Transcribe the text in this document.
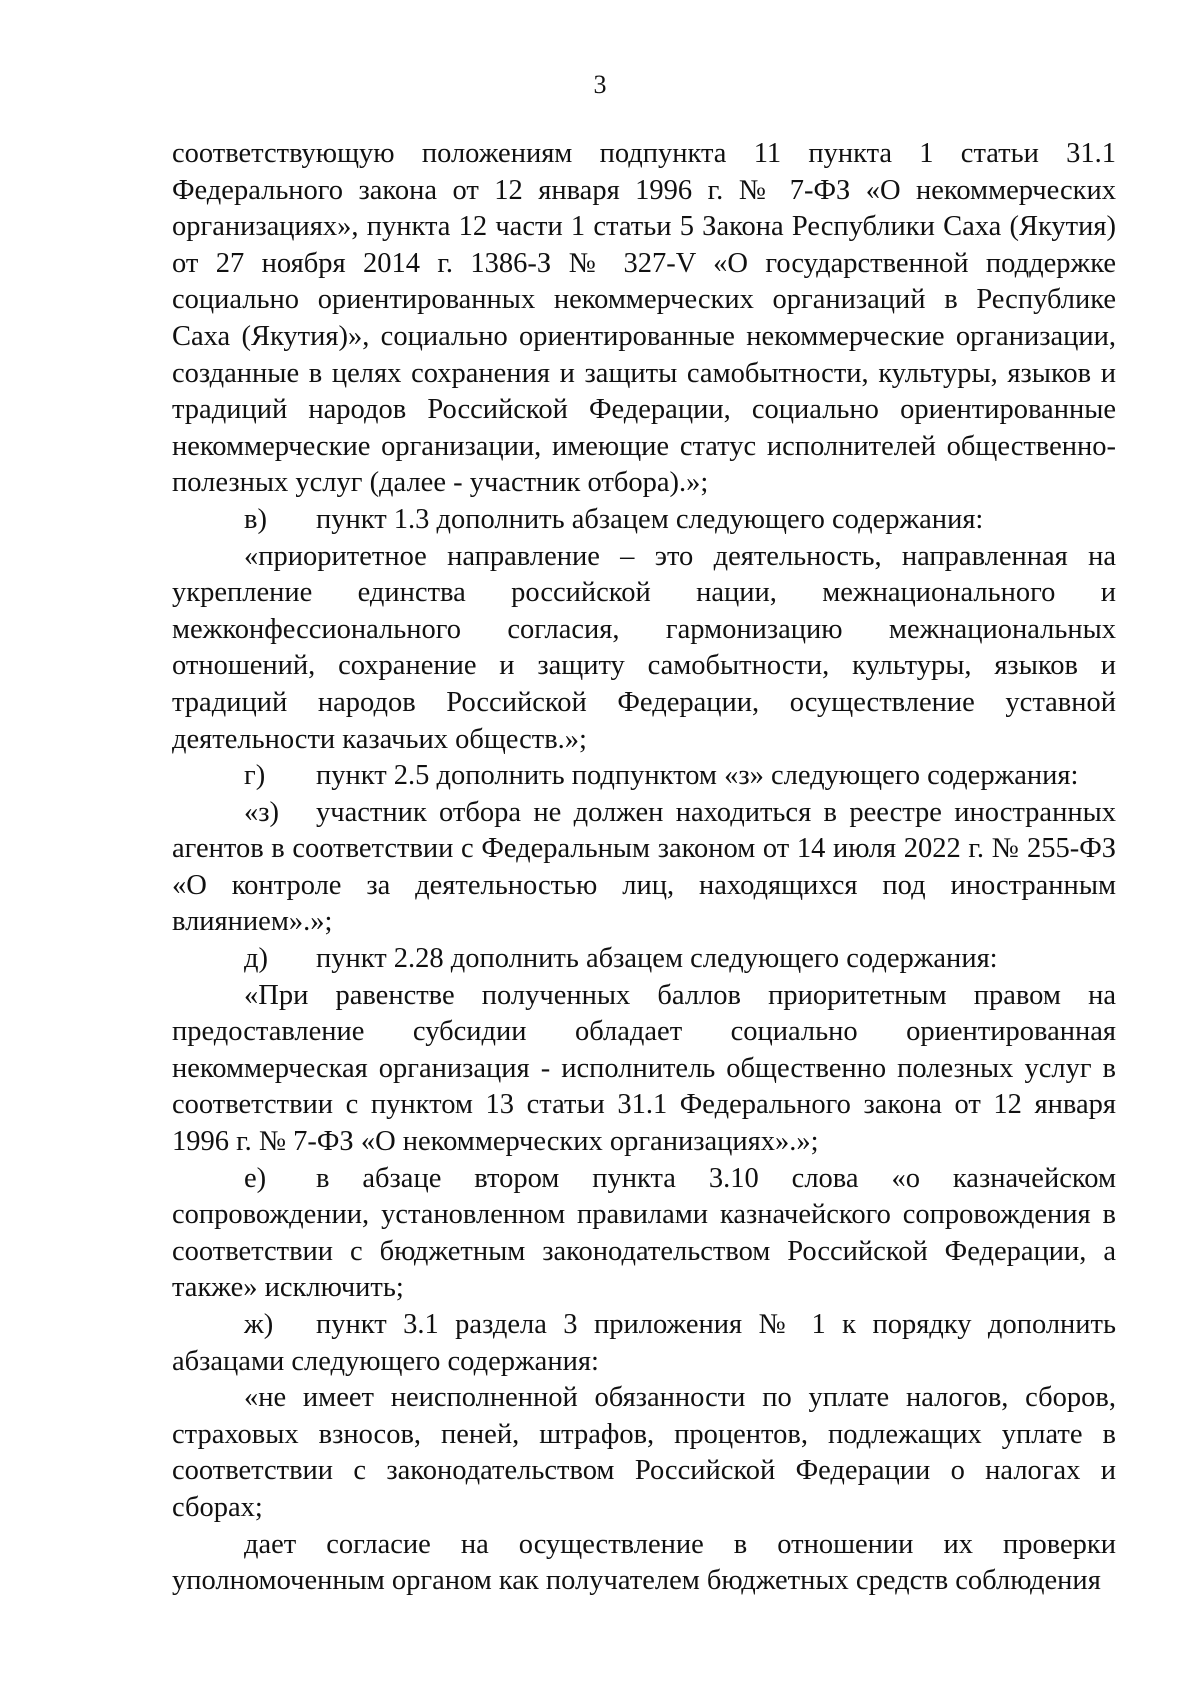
3

соответствующую положениям подпункта 11 пункта 1 статьи 31.1 Федерального закона от 12 января 1996 г. № 7-ФЗ «О некоммерческих организациях», пункта 12 части 1 статьи 5 Закона Республики Саха (Якутия) от 27 ноября 2014 г. 1386-З № 327-V «О государственной поддержке социально ориентированных некоммерческих организаций в Республике Саха (Якутия)», социально ориентированные некоммерческие организации, созданные в целях сохранения и защиты самобытности, культуры, языков и традиций народов Российской Федерации, социально ориентированные некоммерческие организации, имеющие статус исполнителей общественно-полезных услуг (далее - участник отбора).»;

в) пункт 1.3 дополнить абзацем следующего содержания:

«приоритетное направление – это деятельность, направленная на укрепление единства российской нации, межнационального и межконфессионального согласия, гармонизацию межнациональных отношений, сохранение и защиту самобытности, культуры, языков и традиций народов Российской Федерации, осуществление уставной деятельности казачьих обществ.»;

г) пункт 2.5 дополнить подпунктом «з» следующего содержания:

«з) участник отбора не должен находиться в реестре иностранных агентов в соответствии с Федеральным законом от 14 июля 2022 г. № 255-ФЗ «О контроле за деятельностью лиц, находящихся под иностранным влиянием».»;

д) пункт 2.28 дополнить абзацем следующего содержания:

«При равенстве полученных баллов приоритетным правом на предоставление субсидии обладает социально ориентированная некоммерческая организация - исполнитель общественно полезных услуг в соответствии с пунктом 13 статьи 31.1 Федерального закона от 12 января 1996 г. № 7-ФЗ «О некоммерческих организациях».»;

е) в абзаце втором пункта 3.10 слова «о казначейском сопровождении, установленном правилами казначейского сопровождения в соответствии с бюджетным законодательством Российской Федерации, а также» исключить;

ж) пункт 3.1 раздела 3 приложения № 1 к порядку дополнить абзацами следующего содержания:

«не имеет неисполненной обязанности по уплате налогов, сборов, страховых взносов, пеней, штрафов, процентов, подлежащих уплате в соответствии с законодательством Российской Федерации о налогах и сборах;

дает согласие на осуществление в отношении их проверки уполномоченным органом как получателем бюджетных средств соблюдения
